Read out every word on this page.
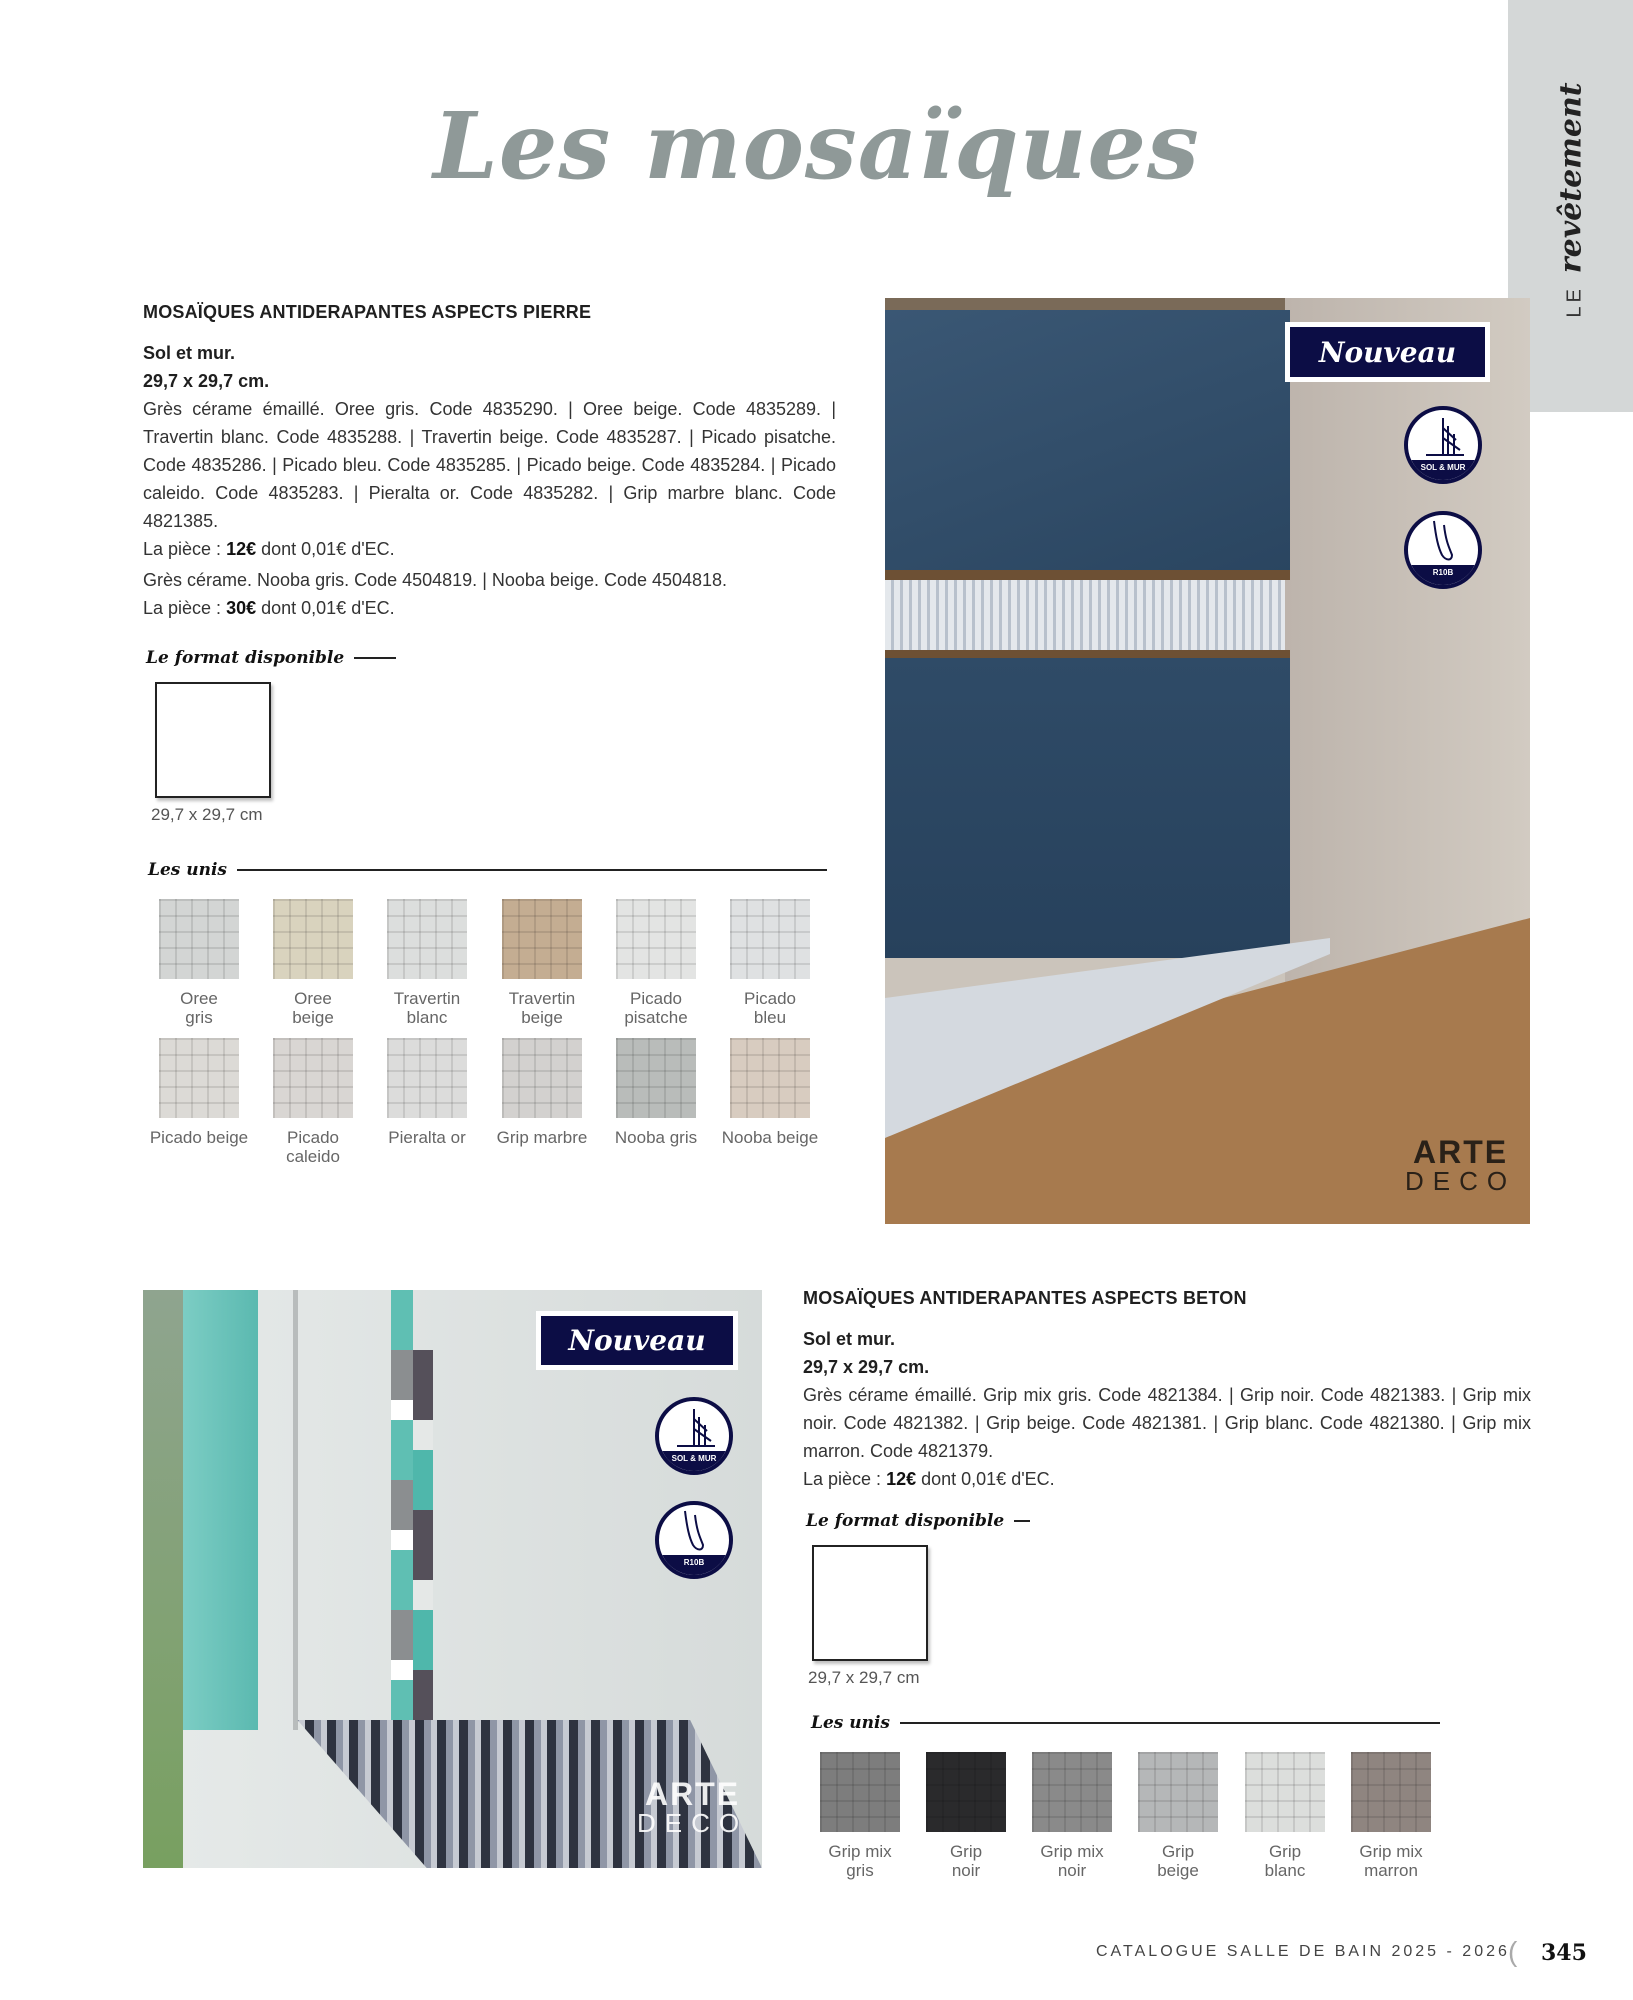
Les mosaïques
LE
revêtement
MOSAÏQUES ANTIDERAPANTES ASPECTS PIERRE
Sol et mur.
29,7 x 29,7 cm.

Grès cérame émaillé. Oree gris. Code 4835290. | Oree beige. Code 4835289. | Travertin blanc. Code 4835288. | Travertin beige. Code 4835287. | Picado pisatche. Code 4835286. | Picado bleu. Code 4835285. | Picado beige. Code 4835284. | Picado caleido. Code 4835283. | Pieralta or. Code 4835282. | Grip marbre blanc. Code 4821385.

La pièce : 12€ dont 0,01€ d'EC.

Grès cérame. Nooba gris. Code 4504819. | Nooba beige. Code 4504818.

La pièce : 30€ dont 0,01€ d'EC.
Le format disponible
29,7 x 29,7 cm
Les unis
Oree
gris
Oree
beige
Travertin
blanc
Travertin
beige
Picado
pisatche
Picado
bleu
Picado beige	Picado
caleido
Pieralta or	Grip marbre	Nooba gris	Nooba beige
Nouveau
SOL & MUR
R10B
ARTE
DECO
Nouveau
SOL & MUR
R10B
ARTE
DECO
MOSAÏQUES ANTIDERAPANTES ASPECTS BETON
Sol et mur.
29,7 x 29,7 cm.

Grès cérame émaillé. Grip mix gris. Code 4821384. | Grip noir. Code 4821383. | Grip mix noir. Code 4821382. | Grip beige. Code 4821381. | Grip blanc. Code 4821380. | Grip mix marron. Code 4821379.

La pièce : 12€ dont 0,01€ d'EC.
Le format disponible
29,7 x 29,7 cm
Les unis
Grip mix
gris
Grip
noir
Grip mix
noir
Grip
beige
Grip
blanc
Grip mix
marron
CATALOGUE SALLE DE BAIN 2025 - 2026
( 345
